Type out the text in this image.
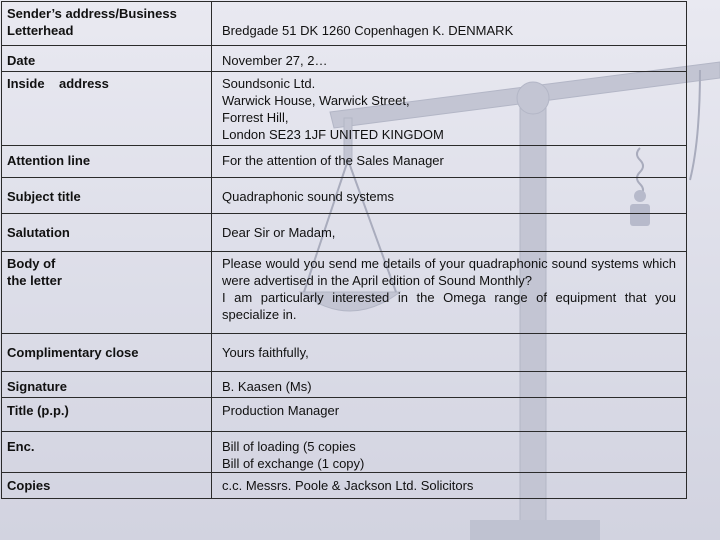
Sender’s address/Business Letterhead	Bredgade 51 DK 1260 Copenhagen K. DENMARK
Date	November 27, 2…
Inside    address	Soundsonic Ltd.
Warwick House, Warwick Street,
Forrest Hill,
London SE23 1JF UNITED KINGDOM
Attention line	For the attention of the Sales Manager
Subject title	Quadraphonic sound systems
Salutation	Dear Sir or Madam,

Body of the letter	Please would you send me details of your quadraphonic sound systems which were advertised in the April edition of Sound Monthly?
I am particularly interested in the Omega range of equipment that you specialize in.
Complimentary close	Yours faithfully,
Signature	B. Kaasen (Ms)
Title (p.p.)	Production Manager
Enc.	Bill of loading (5 copies
Bill of exchange (1 copy)
Copies	c.c. Messrs. Poole & Jackson Ltd. Solicitors
